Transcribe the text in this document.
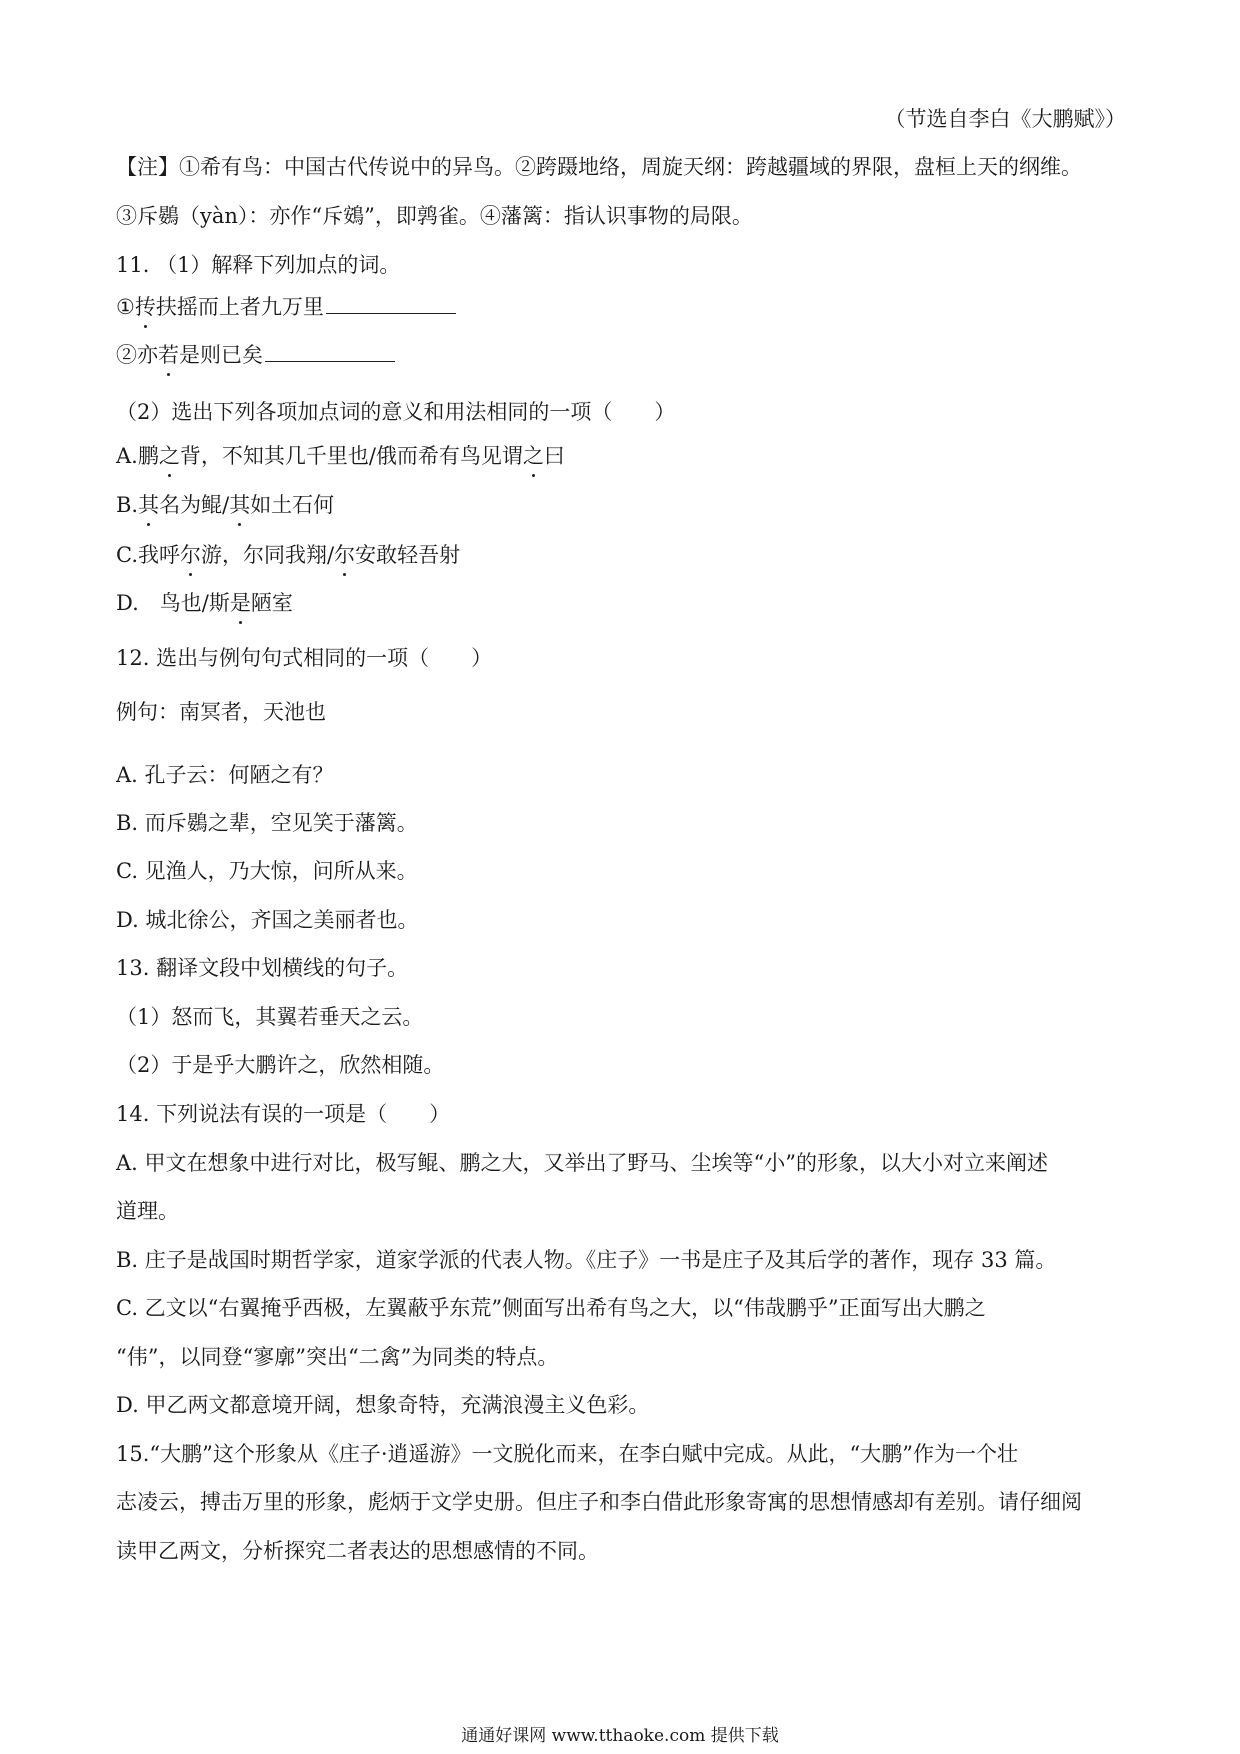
（节选自李白《大鹏赋》）
【注】①希有鸟：中国古代传说中的异鸟。②跨蹑地络，周旋天纲：跨越疆域的界限，盘桓上天的纲维。
③斥鷃（yàn）：亦作“斥鴳”，即鹑雀。④藩篱：指认识事物的局限。
11. （1）解释下列加点的词。
①抟扶摇而上者九万里
②亦若是则已矣
（2）选出下列各项加点词的意义和用法相同的一项（　　）
A.鹏之背，不知其几千里也/俄而希有鸟见谓之曰
B.其名为鲲/其如土石何
C.我呼尔游，尔同我翔/尔安敢轻吾射
D.　鸟也/斯是陋室
12. 选出与例句句式相同的一项（　　）
例句：南冥者，天池也
A. 孔子云：何陋之有？
B. 而斥鷃之辈，空见笑于藩篱。
C. 见渔人，乃大惊，问所从来。
D. 城北徐公，齐国之美丽者也。
13. 翻译文段中划横线的句子。
（1）怒而飞，其翼若垂天之云。
（2）于是乎大鹏许之，欣然相随。
14. 下列说法有误的一项是（　　）
A. 甲文在想象中进行对比，极写鲲、鹏之大，又举出了野马、尘埃等“小”的形象，以大小对立来阐述
道理。
B. 庄子是战国时期哲学家，道家学派的代表人物。《庄子》一书是庄子及其后学的著作，现存 33 篇。
C. 乙文以“右翼掩乎西极，左翼蔽乎东荒”侧面写出希有鸟之大，以“伟哉鹏乎”正面写出大鹏之
“伟”，以同登“寥廓”突出“二禽”为同类的特点。
D. 甲乙两文都意境开阔，想象奇特，充满浪漫主义色彩。
15.“大鹏”这个形象从《庄子·逍遥游》一文脱化而来，在李白赋中完成。从此，“大鹏”作为一个壮
志凌云，搏击万里的形象，彪炳于文学史册。但庄子和李白借此形象寄寓的思想情感却有差别。请仔细阅
读甲乙两文，分析探究二者表达的思想感情的不同。
通通好课网 www.tthaoke.com 提供下载
